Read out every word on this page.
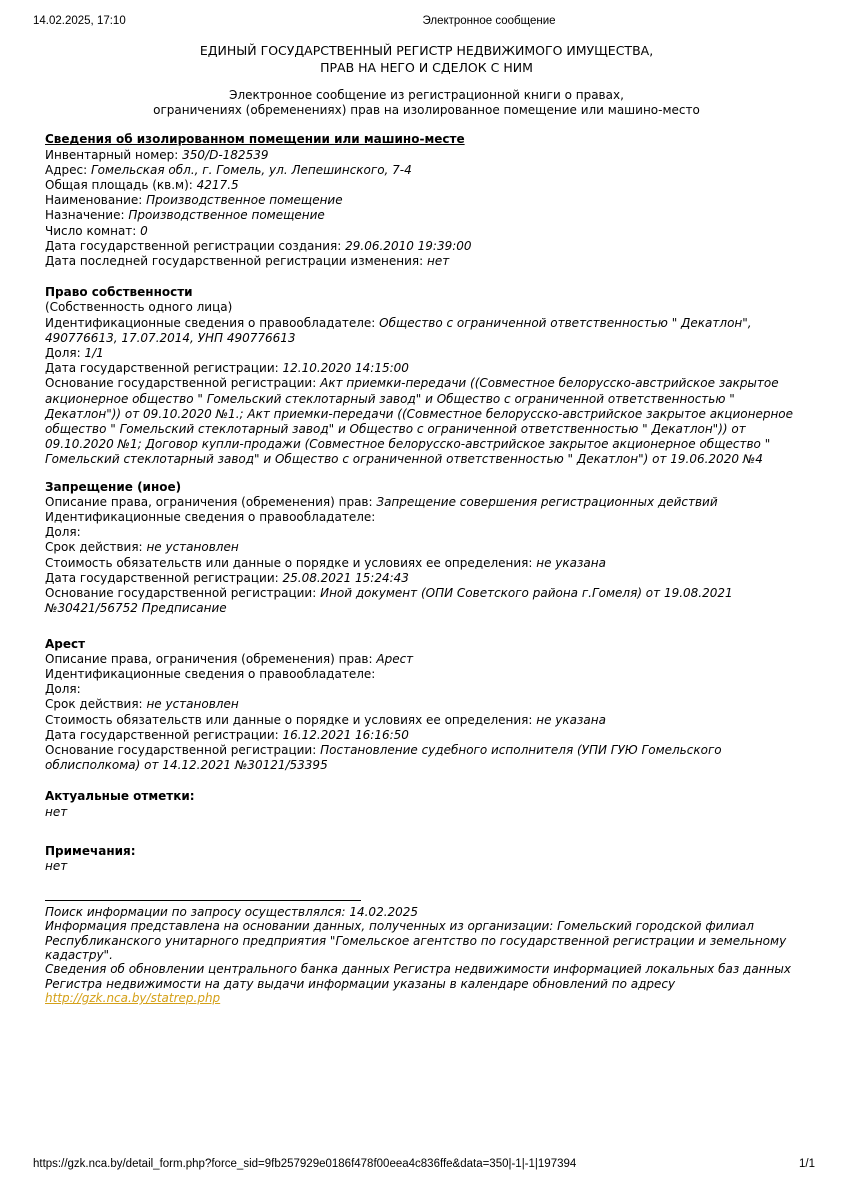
14.02.2025, 17:10	Электронное сообщение
ЕДИНЫЙ ГОСУДАРСТВЕННЫЙ РЕГИСТР НЕДВИЖИМОГО ИМУЩЕСТВА,
ПРАВ НА НЕГО И СДЕЛОК С НИМ
Электронное сообщение из регистрационной книги о правах,
ограничениях (обременениях) прав на изолированное помещение или машино-место
Сведения об изолированном помещении или машино-месте

Инвентарный номер: 350/D-182539

Адрес: Гомельская обл., г. Гомель, ул. Лепешинского, 7-4

Общая площадь (кв.м): 4217.5

Наименование: Производственное помещение

Назначение: Производственное помещение

Число комнат: 0

Дата государственной регистрации создания: 29.06.2010 19:39:00

Дата последней государственной регистрации изменения: нет

Право собственности
(Собственность одного лица)

Идентификационные сведения о правообладателе: Общество с ограниченной ответственностью " Декатлон", 490776613, 17.07.2014, УНП 490776613

Доля: 1/1

Дата государственной регистрации: 12.10.2020 14:15:00

Основание государственной регистрации: Акт приемки-передачи ((Совместное белорусско-австрийское закрытое акционерное общество " Гомельский стеклотарный завод" и Общество с ограниченной ответственностью " Декатлон")) от 09.10.2020 №1.; Акт приемки-передачи ((Совместное белорусско-австрийское закрытое акционерное общество " Гомельский стеклотарный завод" и Общество с ограниченной ответственностью " Декатлон")) от 09.10.2020 №1; Договор купли-продажи (Совместное белорусско-австрийское закрытое акционерное общество " Гомельский стеклотарный завод" и Общество с ограниченной ответственностью " Декатлон") от 19.06.2020 №4

Запрещение (иное)

Описание права, ограничения (обременения) прав: Запрещение совершения регистрационных действий

Идентификационные сведения о правообладателе:

Доля:

Срок действия: не установлен

Стоимость обязательств или данные о порядке и условиях ее определения: не указана

Дата государственной регистрации: 25.08.2021 15:24:43

Основание государственной регистрации: Иной документ (ОПИ Советского района г.Гомеля) от 19.08.2021 №30421/56752 Предписание

Арест

Описание права, ограничения (обременения) прав: Арест

Идентификационные сведения о правообладателе:

Доля:

Срок действия: не установлен

Стоимость обязательств или данные о порядке и условиях ее определения: не указана

Дата государственной регистрации: 16.12.2021 16:16:50

Основание государственной регистрации: Постановление судебного исполнителя (УПИ ГУЮ Гомельского облисполкома) от 14.12.2021 №30121/53395

Актуальные отметки:

нет

Примечания:

нет

Поиск информации по запросу осуществлялся: 14.02.2025

Информация представлена на основании данных, полученных из организации: Гомельский городской филиал Республиканского унитарного предприятия "Гомельское агентство по государственной регистрации и земельному кадастру".

Сведения об обновлении центрального банка данных Регистра недвижимости информацией локальных баз данных Регистра недвижимости на дату выдачи информации указаны в календаре обновлений по адресу

http://gzk.nca.by/statrep.php

https://gzk.nca.by/detail_form.php?force_sid=9fb257929e0186f478f00eea4c836ffe&data=350|-1|-1|197394	1/1
